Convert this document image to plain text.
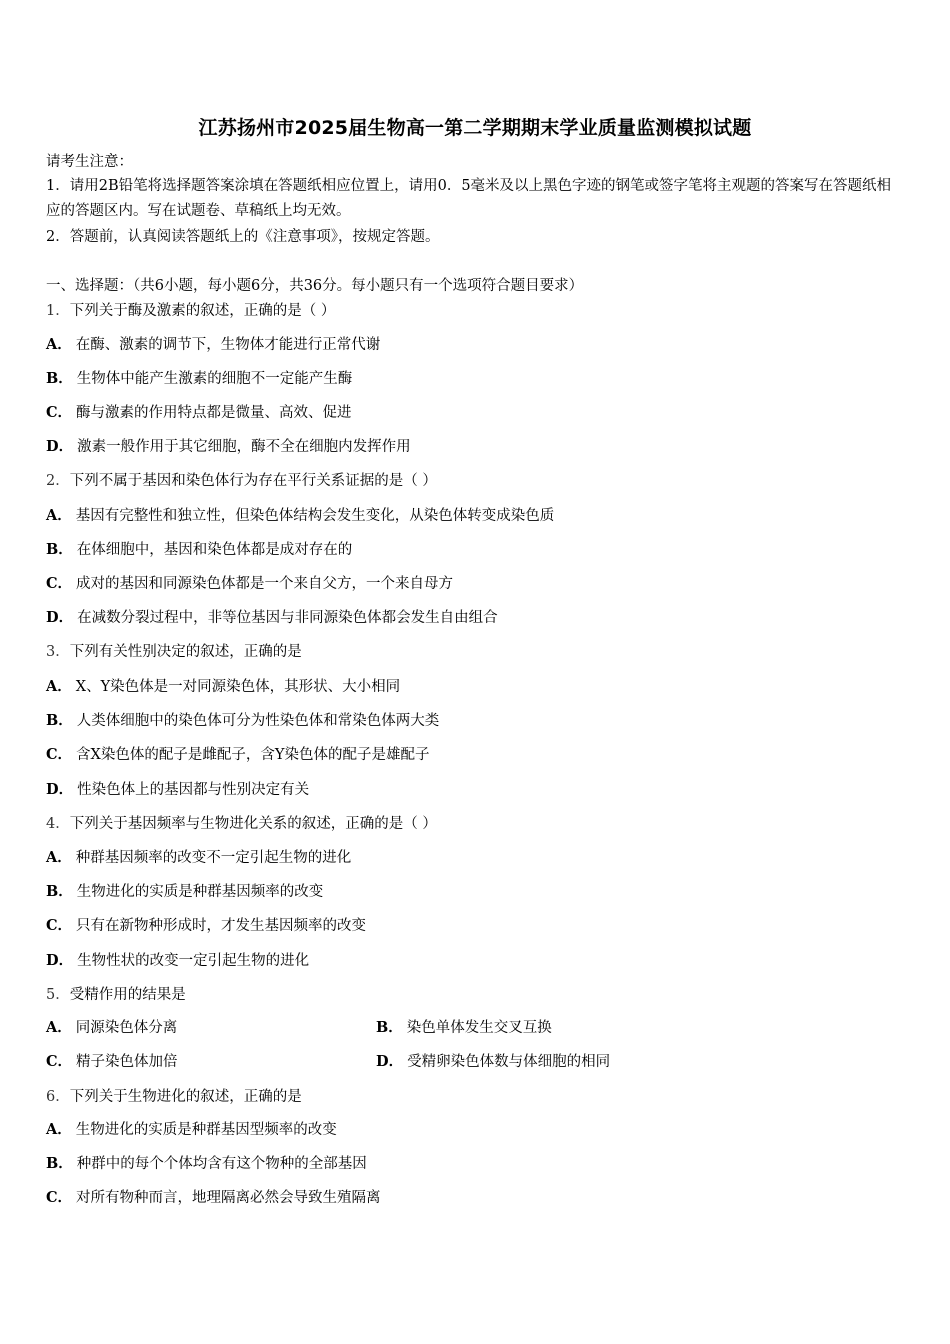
江苏扬州市2025届生物高一第二学期期末学业质量监测模拟试题
请考生注意：
1．请用2B铅笔将选择题答案涂填在答题纸相应位置上，请用0．5毫米及以上黑色字迹的钢笔或签字笔将主观题的答案写在答题纸相应的答题区内。写在试题卷、草稿纸上均无效。
2．答题前，认真阅读答题纸上的《注意事项》，按规定答题。
一、选择题：（共6小题，每小题6分，共36分。每小题只有一个选项符合题目要求）
1．下列关于酶及激素的叙述，正确的是（ ）
A． 在酶、激素的调节下，生物体才能进行正常代谢
B． 生物体中能产生激素的细胞不一定能产生酶
C． 酶与激素的作用特点都是微量、高效、促进
D． 激素一般作用于其它细胞，酶不全在细胞内发挥作用
2．下列不属于基因和染色体行为存在平行关系证据的是（ ）
A． 基因有完整性和独立性，但染色体结构会发生变化，从染色体转变成染色质
B． 在体细胞中，基因和染色体都是成对存在的
C． 成对的基因和同源染色体都是一个来自父方，一个来自母方
D． 在减数分裂过程中，非等位基因与非同源染色体都会发生自由组合
3．下列有关性别决定的叙述，正确的是
A． X、Y染色体是一对同源染色体，其形状、大小相同
B． 人类体细胞中的染色体可分为性染色体和常染色体两大类
C． 含X染色体的配子是雌配子，含Y染色体的配子是雄配子
D． 性染色体上的基因都与性别决定有关
4．下列关于基因频率与生物进化关系的叙述，正确的是（ ）
A． 种群基因频率的改变不一定引起生物的进化
B． 生物进化的实质是种群基因频率的改变
C． 只有在新物种形成时，才发生基因频率的改变
D． 生物性状的改变一定引起生物的进化
5．受精作用的结果是
A． 同源染色体分离	B． 染色单体发生交叉互换
C． 精子染色体加倍	D． 受精卵染色体数与体细胞的相同
6．下列关于生物进化的叙述，正确的是
A． 生物进化的实质是种群基因型频率的改变
B． 种群中的每个个体均含有这个物种的全部基因
C． 对所有物种而言，地理隔离必然会导致生殖隔离
